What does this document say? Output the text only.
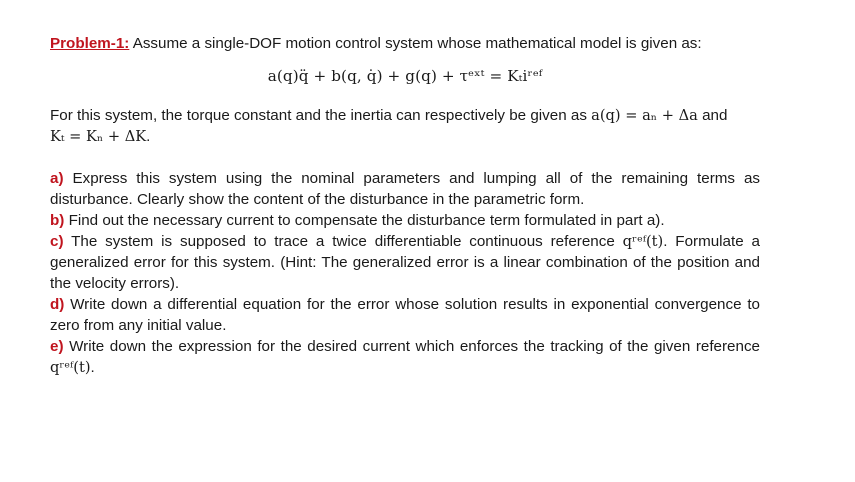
Problem-1: Assume a single-DOF motion control system whose mathematical model is given as:

a(q)q̈ + b(q, q̇) + g(q) + τᵉˣᵗ = Kₜiʳᵉᶠ

For this system, the torque constant and the inertia can respectively be given as a(q) = aₙ + Δa and
Kₜ = Kₙ + ΔK.

a) Express this system using the nominal parameters and lumping all of the remaining terms as disturbance. Clearly show the content of the disturbance in the parametric form.

b) Find out the necessary current to compensate the disturbance term formulated in part a).

c) The system is supposed to trace a twice differentiable continuous reference qʳᵉᶠ(t). Formulate a generalized error for this system. (Hint: The generalized error is a linear combination of the position and the velocity errors).

d) Write down a differential equation for the error whose solution results in exponential convergence to zero from any initial value.

e) Write down the expression for the desired current which enforces the tracking of the given reference qʳᵉᶠ(t).
